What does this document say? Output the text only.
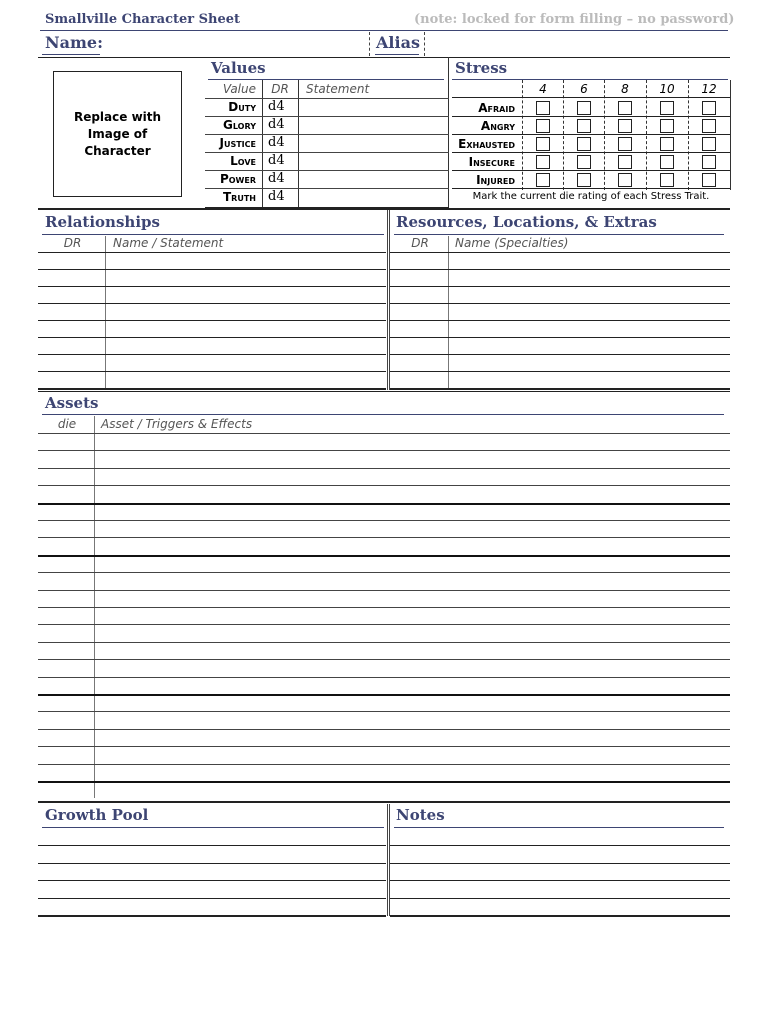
Smallville Character Sheet	(note: locked for form filling – no password)
Name:	Alias
Replace with Image of Character
Values
Value	DR	Statement
Duty d4
Glory d4
Justice d4
Love d4
Power d4
Truth d4
Stress
4	6	8	10	12
Afraid
Angry
Exhausted
Insecure
Injured
Mark the current die rating of each Stress Trait.
Relationships
DR	Name / Statement
Resources, Locations, & Extras
DR	Name (Specialties)
Assets
die	Asset / Triggers & Effects
Growth Pool	Notes
